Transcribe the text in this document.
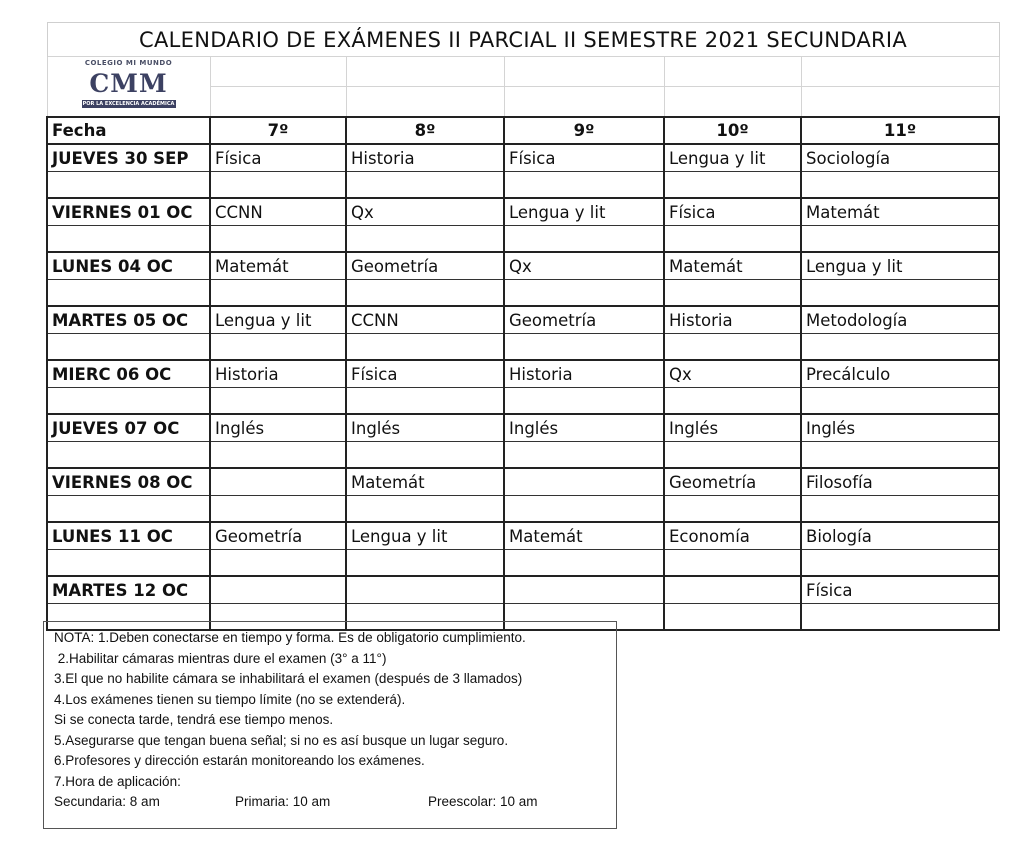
CALENDARIO DE EXÁMENES II PARCIAL II SEMESTRE 2021 SECUNDARIA					

COLEGIO MI MUNDO
CMM
POR LA EXCELENCIA ACADÉMICA					

Fecha	7º	8º	9º	10º	11º
JUEVES 30 SEP	Física	Historia	Física	Lengua y lit	Sociología

VIERNES 01 OC	CCNN	Qx	Lengua y lit	Física	Matemát

LUNES 04 OC	Matemát	Geometría	Qx	Matemát	Lengua y lit

MARTES 05 OC	Lengua y lit	CCNN	Geometría	Historia	Metodología

MIERC 06 OC	Historia	Física	Historia	Qx	Precálculo

JUEVES 07 OC	Inglés	Inglés	Inglés	Inglés	Inglés

VIERNES 08 OC		Matemát		Geometría	Filosofía

LUNES 11 OC	Geometría	Lengua y lit	Matemát	Economía	Biología

MARTES 12 OC					Física

NOTA: 1.Deben conectarse en tiempo y forma. Es de obligatorio cumplimiento.
2.Habilitar cámaras mientras dure el examen (3° a 11°)
3.El que no habilite cámara se inhabilitará el examen (después de 3 llamados)
4.Los exámenes tienen su tiempo límite (no se extenderá).
Si se conecta tarde, tendrá ese tiempo menos.
5.Asegurarse que tengan buena señal; si no es así busque un lugar seguro.
6.Profesores y dirección estarán monitoreando los exámenes.
7.Hora de aplicación:
Secundaria: 8 am	Primaria: 10 am	Preescolar: 10 am
